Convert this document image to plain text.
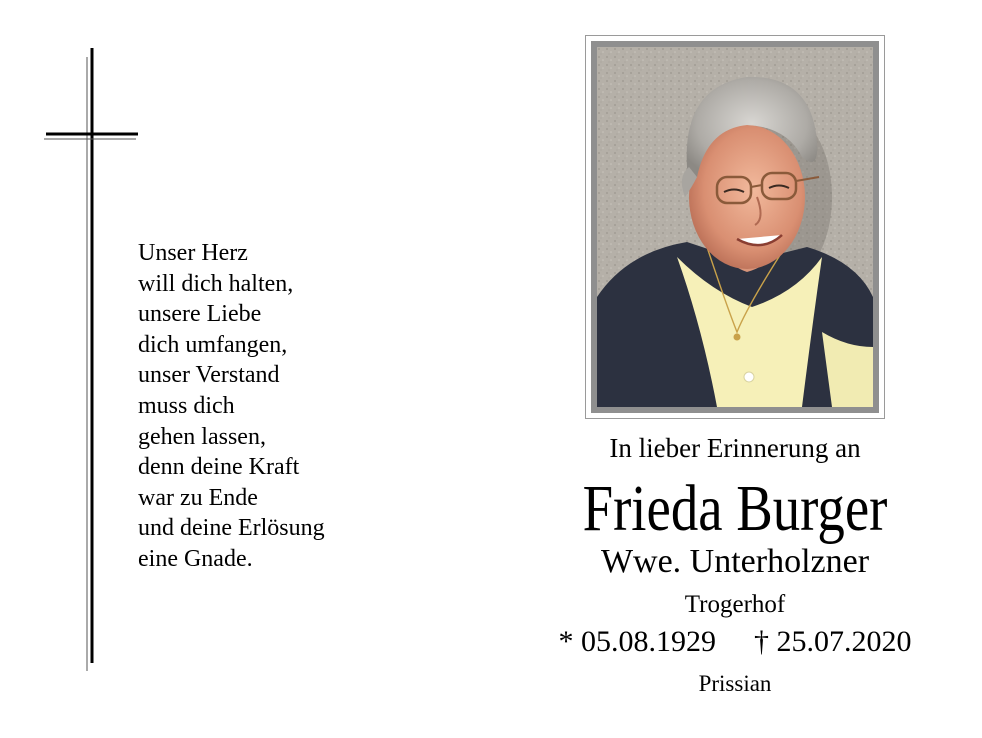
Unser Herz
will dich halten,
unsere Liebe
dich umfangen,
unser Verstand
muss dich
gehen lassen,
denn deine Kraft
war zu Ende
und deine Erlösung
eine Gnade.
In lieber Erinnerung an
Frieda Burger
Wwe. Unterholzner
Trogerhof
* 05.08.1929 † 25.07.2020
Prissian
